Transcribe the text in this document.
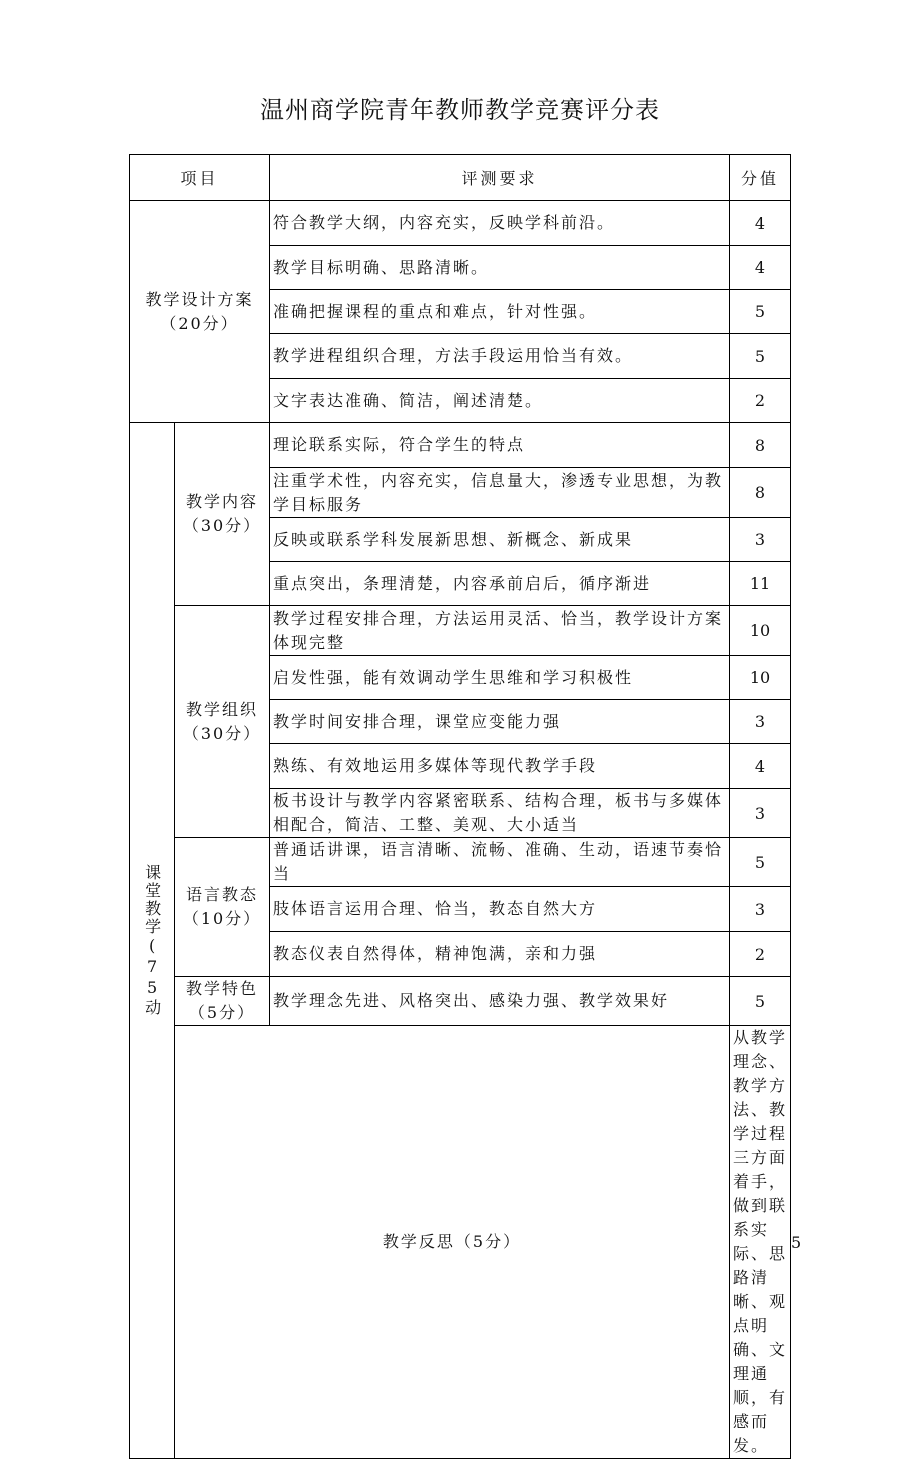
温州商学院青年教师教学竞赛评分表
项目		评测要求	分值	
教学设计方案（20分）		符合教学大纲，内容充实，反映学科前沿。	4	
		教学目标明确、思路清晰。	4	
		准确把握课程的重点和难点，针对性强。	5	
		教学进程组织合理，方法手段运用恰当有效。	5	
		文字表达准确、简洁，阐述清楚。	2	

课堂教学(75动	教学内容（30分）	理论联系实际，符合学生的特点	8	
		注重学术性，内容充实，信息量大，渗透专业思想，为教学目标服务	8	
		反映或联系学科发展新思想、新概念、新成果	3	
		重点突出，条理清楚，内容承前启后，循序渐进	11	
	教学组织（30分）	教学过程安排合理，方法运用灵活、恰当，教学设计方案体现完整	10	
		启发性强，能有效调动学生思维和学习积极性	10	
		教学时间安排合理，课堂应变能力强	3	
		熟练、有效地运用多媒体等现代教学手段	4	
		板书设计与教学内容紧密联系、结构合理，板书与多媒体相配合，简洁、工整、美观、大小适当	3	
	语言教态（10分）	普通话讲课，语言清晰、流畅、准确、生动，语速节奏恰当	5	
		肢体语言运用合理、恰当，教态自然大方	3	
		教态仪表自然得体，精神饱满，亲和力强	2	
	教学特色（5分）	教学理念先进、风格突出、感染力强、教学效果好	5	
	教学反思（5分）		从教学理念、教学方法、教学过程三方面着手，做到联系实际、思路清晰、观点明确、文理通顺，有感而发。	5
